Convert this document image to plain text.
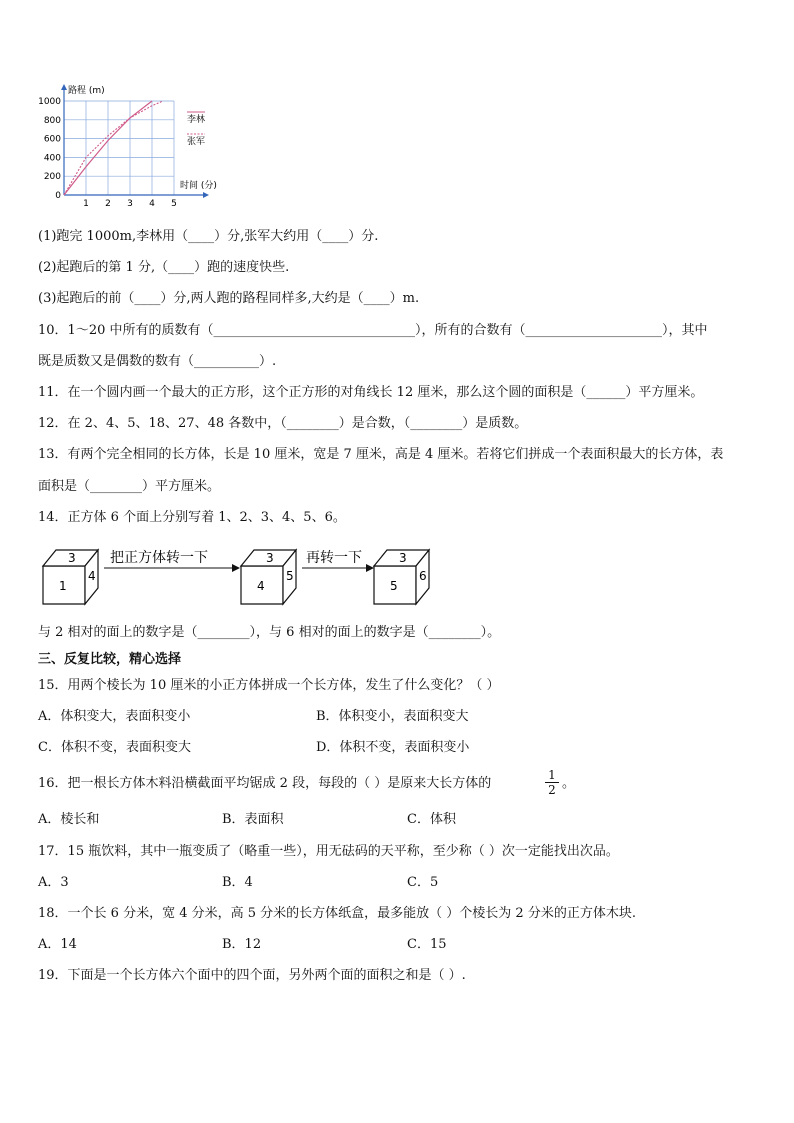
0
200
400
600
800
1000
1 2 3 4 5
路程 (m)
时间 (分)
李林
张军
(1)跑完 1000m,李林用（____）分,张军大约用（____）分.
(2)起跑后的第 1 分,（____）跑的速度快些.
(3)起跑后的前（____）分,两人跑的路程同样多,大约是（____）m.
10．1～20 中所有的质数有（_______________________________），所有的合数有（_____________________），其中
既是质数又是偶数的数有（__________）.
11．在一个圆内画一个最大的正方形，这个正方形的对角线长 12 厘米，那么这个圆的面积是（______）平方厘米。
12．在 2、4、5、18、27、48 各数中，（________）是合数，（________）是质数。
13．有两个完全相同的长方体，长是 10 厘米，宽是 7 厘米，高是 4 厘米。若将它们拼成一个表面积最大的长方体，表
面积是（________）平方厘米。
14．正方体 6 个面上分别写着 1、2、3、4、5、6。
3
1
4
把正方体转一下	3
4
5
再转一下	3
5
6
与 2 相对的面上的数字是（________），与 6 相对的面上的数字是（________）。
三、反复比较，精心选择
15．用两个棱长为 10 厘米的小正方体拼成一个长方体，发生了什么变化？（ ）
A．体积变大，表面积变小	B．体积变小，表面积变大
C．体积不变，表面积变大	D．体积不变，表面积变小
16．把一根长方体木料沿横截面平均锯成 2 段，每段的（ ）是原来大长方体的
1
2 。
A．棱长和	B．表面积	C．体积
17．15 瓶饮料，其中一瓶变质了（略重一些），用无砝码的天平称，至少称（ ）次一定能找出次品。
A．3	B．4	C．5
18．一个长 6 分米，宽 4 分米，高 5 分米的长方体纸盒，最多能放（ ）个棱长为 2 分米的正方体木块.
A．14	B．12	C．15
19．下面是一个长方体六个面中的四个面，另外两个面的面积之和是（ ）.
